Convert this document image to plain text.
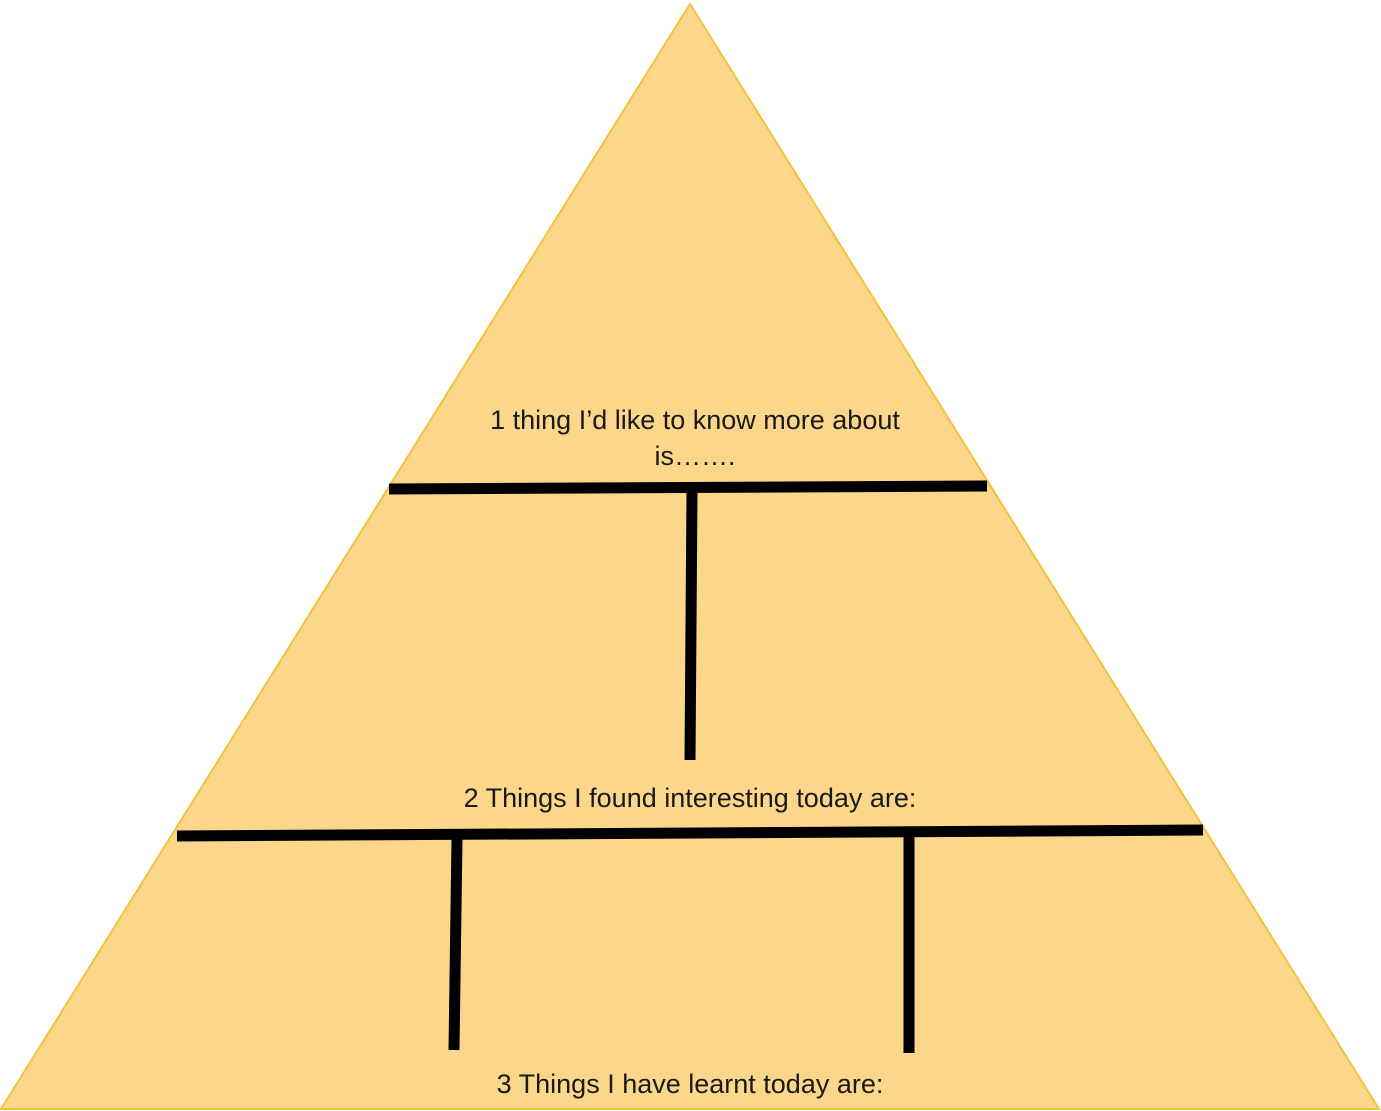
1 thing I’d like to know more about is…….
2 Things I found interesting today are:
3 Things I have learnt today are:
